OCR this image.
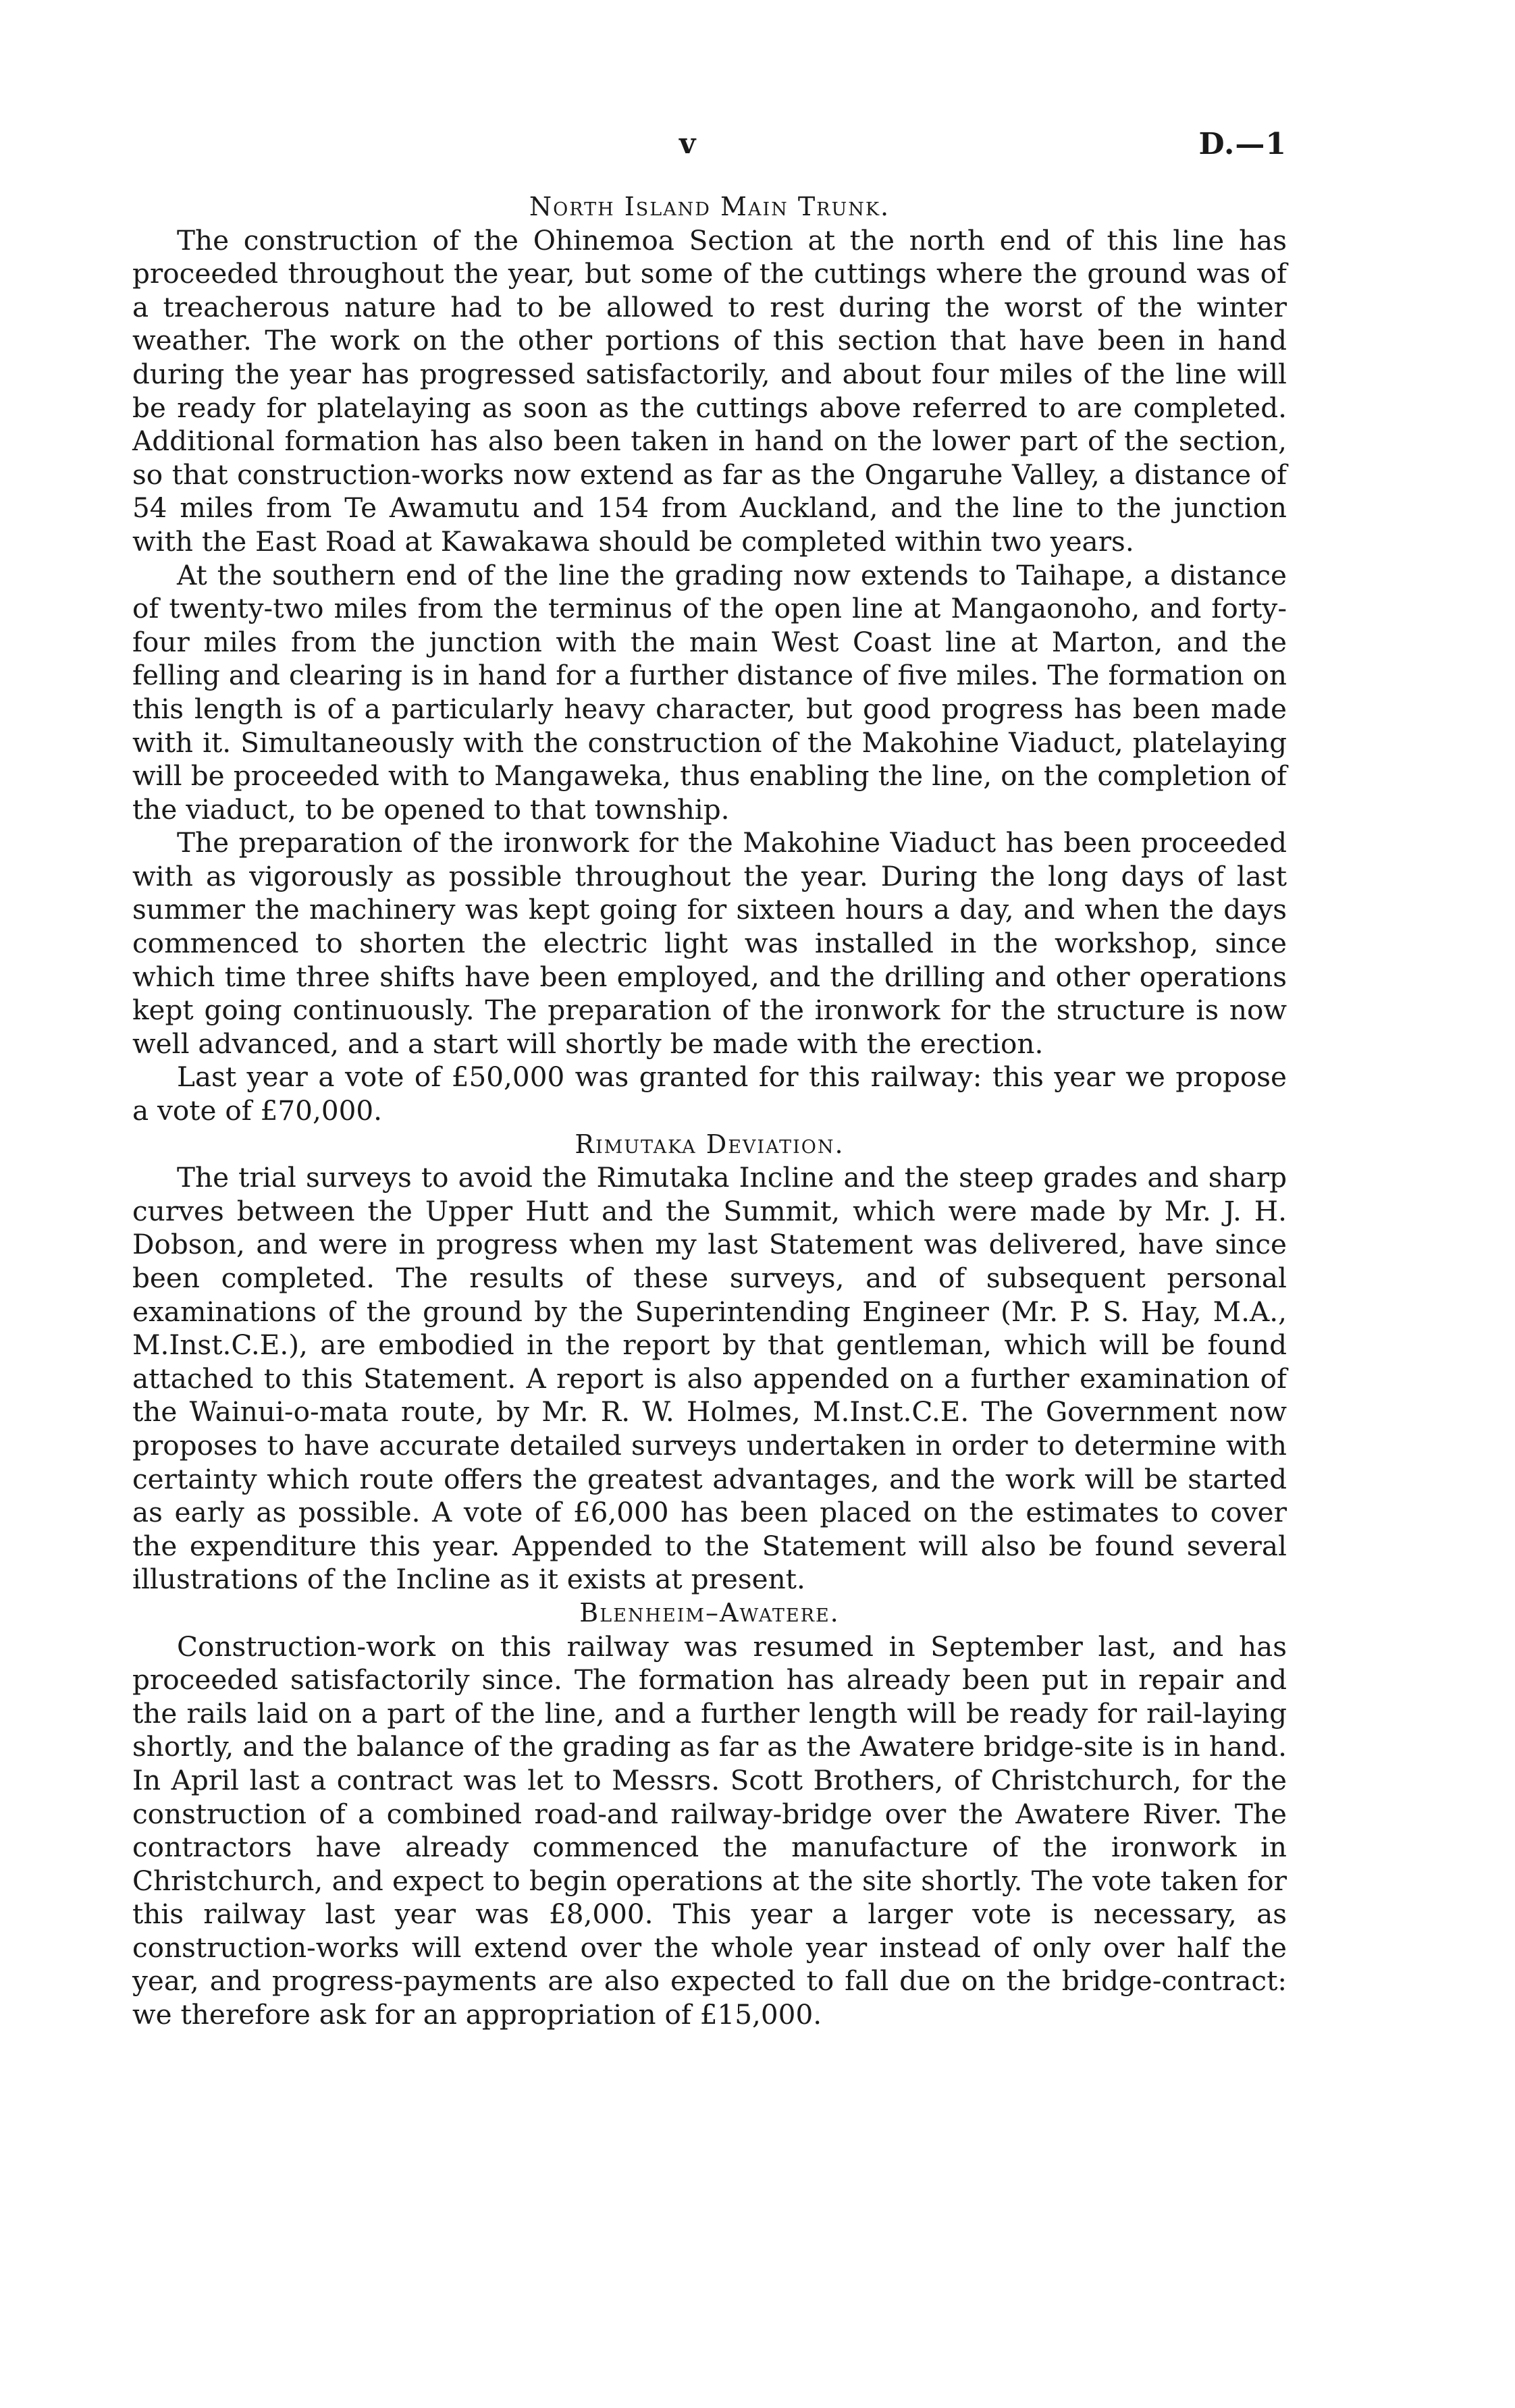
v	D.—1
North Island Main Trunk.

The construction of the Ohinemoa Section at the north end of this line has proceeded throughout the year, but some of the cuttings where the ground was of a treacherous nature had to be allowed to rest during the worst of the winter weather. The work on the other portions of this section that have been in hand during the year has progressed satisfactorily, and about four miles of the line will be ready for platelaying as soon as the cuttings above referred to are completed. Additional formation has also been taken in hand on the lower part of the section, so that construction-works now extend as far as the Ongaruhe Valley, a distance of 54 miles from Te Awamutu and 154 from Auckland, and the line to the junction with the East Road at Kawakawa should be completed within two years.

At the southern end of the line the grading now extends to Taihape, a distance of twenty-two miles from the terminus of the open line at Mangaonoho, and forty-four miles from the junction with the main West Coast line at Marton, and the felling and clearing is in hand for a further distance of five miles. The formation on this length is of a particularly heavy character, but good progress has been made with it. Simultaneously with the construction of the Makohine Viaduct, platelaying will be proceeded with to Mangaweka, thus enabling the line, on the completion of the viaduct, to be opened to that township.

The preparation of the ironwork for the Makohine Viaduct has been proceeded with as vigorously as possible throughout the year. During the long days of last summer the machinery was kept going for sixteen hours a day, and when the days commenced to shorten the electric light was installed in the workshop, since which time three shifts have been employed, and the drilling and other operations kept going continuously. The preparation of the ironwork for the structure is now well advanced, and a start will shortly be made with the erection.

Last year a vote of £50,000 was granted for this railway: this year we propose a vote of £70,000.

Rimutaka Deviation.

The trial surveys to avoid the Rimutaka Incline and the steep grades and sharp curves between the Upper Hutt and the Summit, which were made by Mr. J. H. Dobson, and were in progress when my last Statement was delivered, have since been completed. The results of these surveys, and of subsequent personal examinations of the ground by the Superintending Engineer (Mr. P. S. Hay, M.A., M.Inst.C.E.), are embodied in the report by that gentleman, which will be found attached to this Statement. A report is also appended on a further examination of the Wainui-o-mata route, by Mr. R. W. Holmes, M.Inst.C.E. The Government now proposes to have accurate detailed surveys undertaken in order to determine with certainty which route offers the greatest advantages, and the work will be started as early as possible. A vote of £6,000 has been placed on the estimates to cover the expenditure this year. Appended to the Statement will also be found several illustrations of the Incline as it exists at present.

Blenheim–Awatere.

Construction-work on this railway was resumed in September last, and has proceeded satisfactorily since. The formation has already been put in repair and the rails laid on a part of the line, and a further length will be ready for rail-laying shortly, and the balance of the grading as far as the Awatere bridge-site is in hand. In April last a contract was let to Messrs. Scott Brothers, of Christchurch, for the construction of a combined road-and railway-bridge over the Awatere River. The contractors have already commenced the manufacture of the ironwork in Christchurch, and expect to begin operations at the site shortly. The vote taken for this railway last year was £8,000. This year a larger vote is necessary, as construction-works will extend over the whole year instead of only over half the year, and progress-payments are also expected to fall due on the bridge-contract: we therefore ask for an appropriation of £15,000.
